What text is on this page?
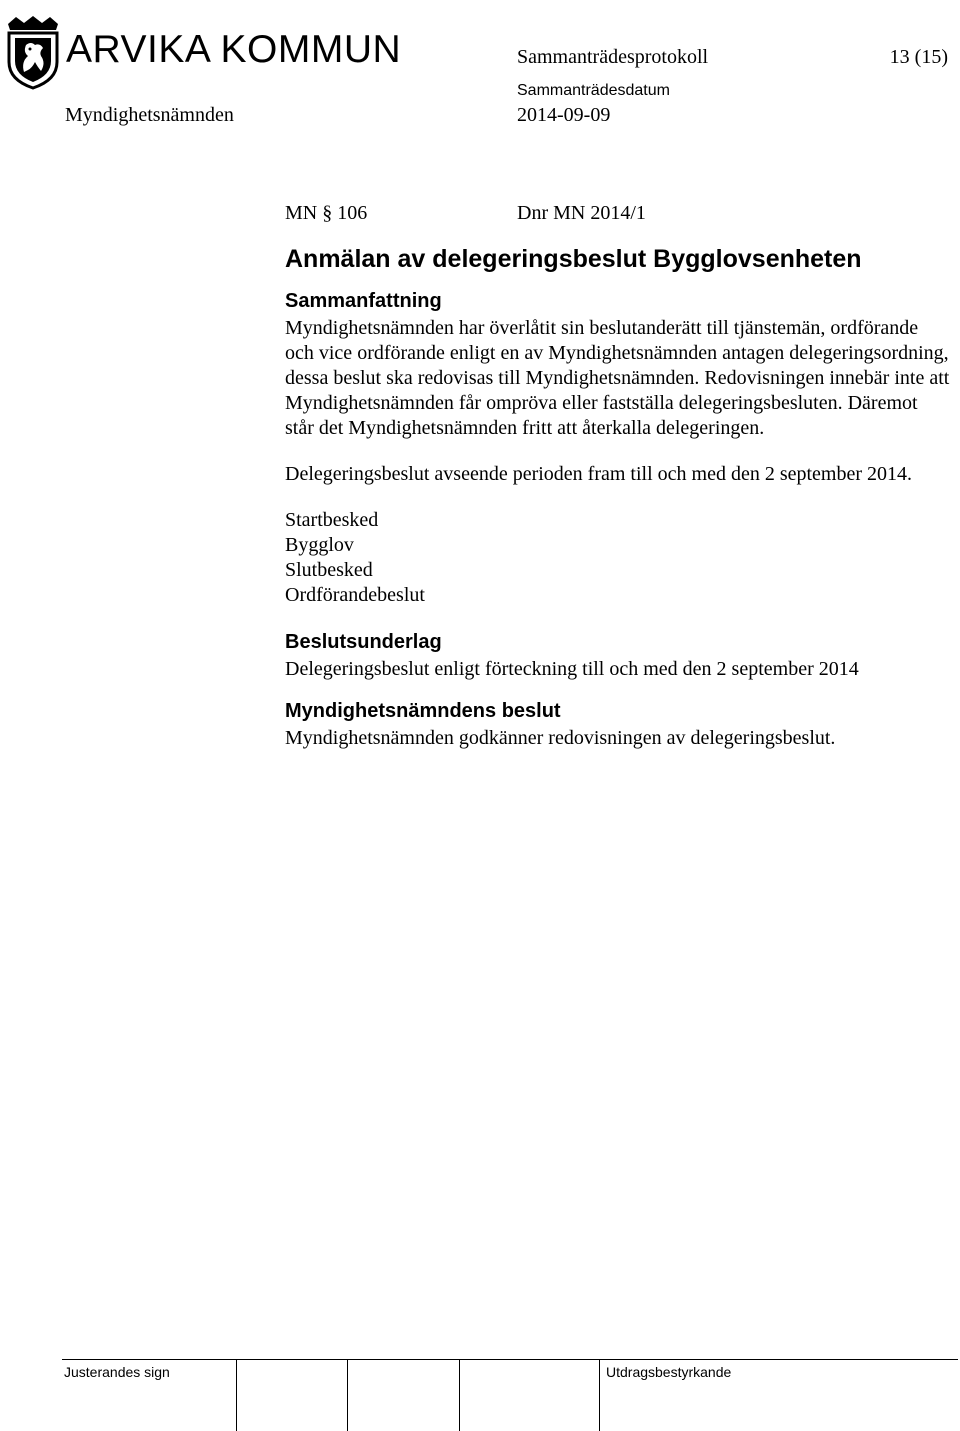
ARVIKA KOMMUN	Sammanträdesprotokoll	13 (15)
Myndighetsnämnden
Sammanträdesdatum
2014-09-09
MN § 106	Dnr MN 2014/1
Anmälan av delegeringsbeslut Bygglovsenheten
Sammanfattning

Myndighetsnämnden har överlåtit sin beslutanderätt till tjänstemän, ordförande och vice ordförande enligt en av Myndighetsnämnden antagen delegeringsordning, dessa beslut ska redovisas till Myndighetsnämnden. Redovisningen innebär inte att Myndighetsnämnden får ompröva eller fastställa delegeringsbesluten. Däremot står det Myndighetsnämnden fritt att återkalla delegeringen.

Delegeringsbeslut avseende perioden fram till och med den 2 september 2014.

Startbesked
Bygglov
Slutbesked
Ordförandebeslut
Beslutsunderlag

Delegeringsbeslut enligt förteckning till och med den 2 september 2014

Myndighetsnämndens beslut

Myndighetsnämnden godkänner redovisningen av delegeringsbeslut.

Justerandes sign	Utdragsbestyrkande
